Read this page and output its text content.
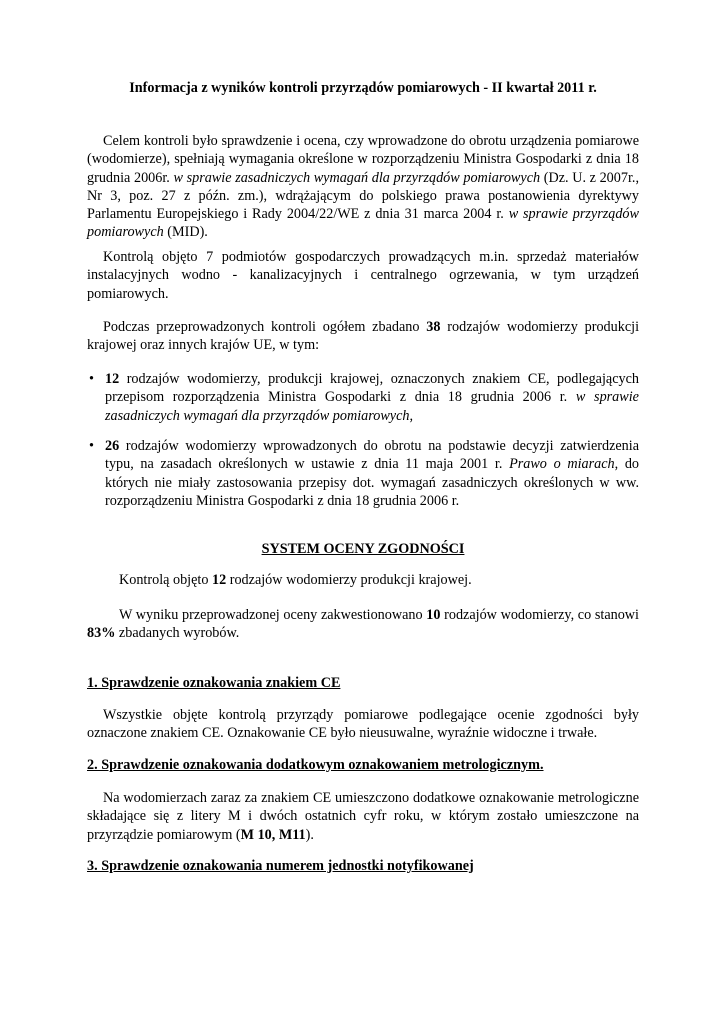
Informacja z wyników kontroli przyrządów pomiarowych - II kwartał 2011 r.
Celem kontroli było sprawdzenie i ocena, czy wprowadzone do obrotu urządzenia pomiarowe (wodomierze), spełniają wymagania określone w rozporządzeniu Ministra Gospodarki z dnia 18 grudnia 2006r. w sprawie zasadniczych wymagań dla przyrządów pomiarowych (Dz. U. z 2007r., Nr 3, poz. 27 z późn. zm.), wdrążającym do polskiego prawa postanowienia dyrektywy Parlamentu Europejskiego i Rady 2004/22/WE z dnia 31 marca 2004 r. w sprawie przyrządów pomiarowych (MID).
Kontrolą objęto 7 podmiotów gospodarczych prowadzących m.in. sprzedaż materiałów instalacyjnych wodno - kanalizacyjnych i centralnego ogrzewania, w tym urządzeń pomiarowych.
Podczas przeprowadzonych kontroli ogółem zbadano 38 rodzajów wodomierzy produkcji krajowej oraz innych krajów UE, w tym:
• 12 rodzajów wodomierzy, produkcji krajowej, oznaczonych znakiem CE, podlegających przepisom rozporządzenia Ministra Gospodarki z dnia 18 grudnia 2006 r. w sprawie zasadniczych wymagań dla przyrządów pomiarowych,
• 26 rodzajów wodomierzy wprowadzonych do obrotu na podstawie decyzji zatwierdzenia typu, na zasadach określonych w ustawie z dnia 11 maja 2001 r. Prawo o miarach, do których nie miały zastosowania przepisy dot. wymagań zasadniczych określonych w ww. rozporządzeniu Ministra Gospodarki z dnia 18 grudnia 2006 r.
SYSTEM OCENY ZGODNOŚCI
Kontrolą objęto 12 rodzajów wodomierzy produkcji krajowej.
W wyniku przeprowadzonej oceny zakwestionowano 10 rodzajów wodomierzy, co stanowi 83% zbadanych wyrobów.
1. Sprawdzenie oznakowania znakiem CE
Wszystkie objęte kontrolą przyrządy pomiarowe podlegające ocenie zgodności były oznaczone znakiem CE. Oznakowanie CE było nieusuwalne, wyraźnie widoczne i trwałe.
2. Sprawdzenie oznakowania dodatkowym oznakowaniem metrologicznym.
Na wodomierzach zaraz za znakiem CE umieszczono dodatkowe oznakowanie metrologiczne składające się z litery M i dwóch ostatnich cyfr roku, w którym zostało umieszczone na przyrządzie pomiarowym (M 10, M11).
3. Sprawdzenie oznakowania numerem jednostki notyfikowanej
